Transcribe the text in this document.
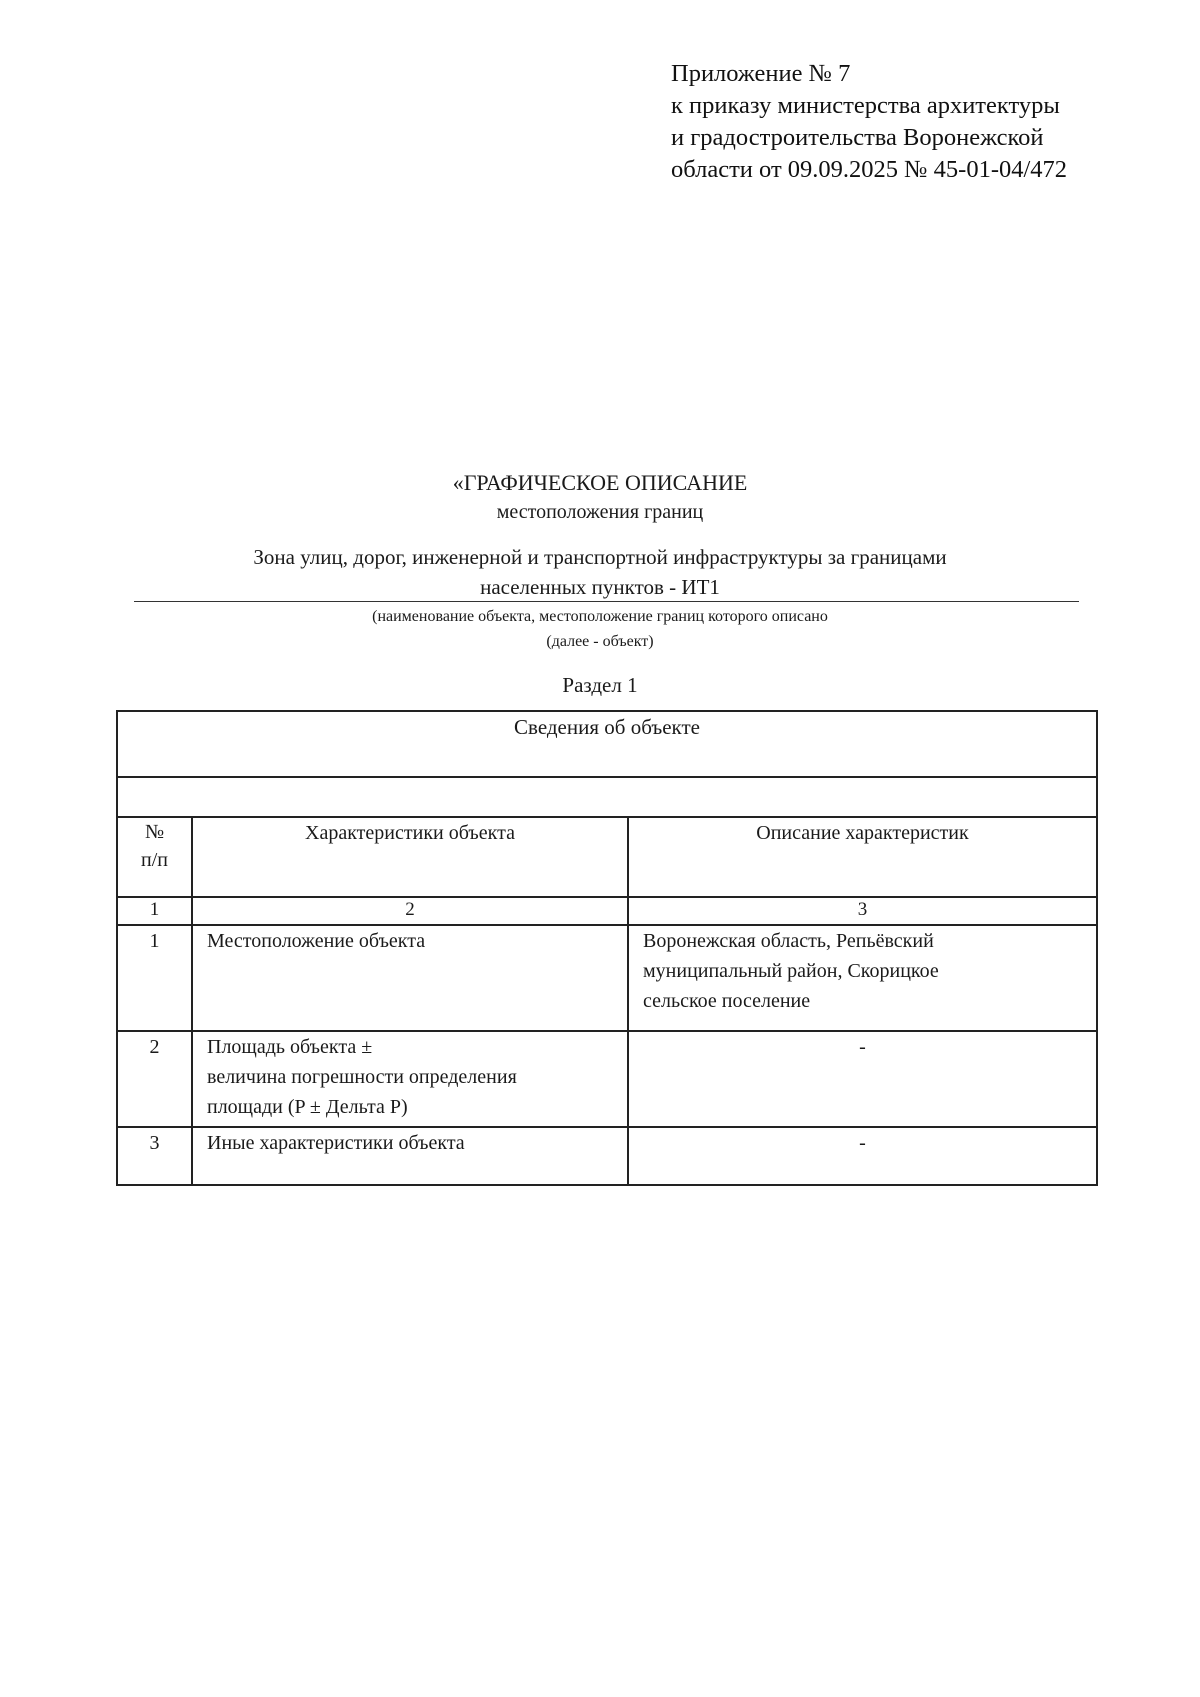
Приложение № 7
к приказу министерства архитектуры
и градостроительства Воронежской
области от 09.09.2025 № 45-01-04/472
«ГРАФИЧЕСКОЕ ОПИСАНИЕ
местоположения границ
Зона улиц, дорог, инженерной и транспортной инфраструктуры за границами
населенных пунктов - ИТ1
(наименование объекта, местоположение границ которого описано
(далее - объект)
Раздел 1
Сведения об объекте		

№
п/п	Характеристики объекта	Описание характеристик
1	2	3
1	Местоположение объекта	Воронежская область, Репьёвский
муниципальный район, Скорицкое
сельское поселение

2	Площадь объекта ±
величина погрешности определения
площади (P ± Дельта P)	-
3	Иные характеристики объекта	-
